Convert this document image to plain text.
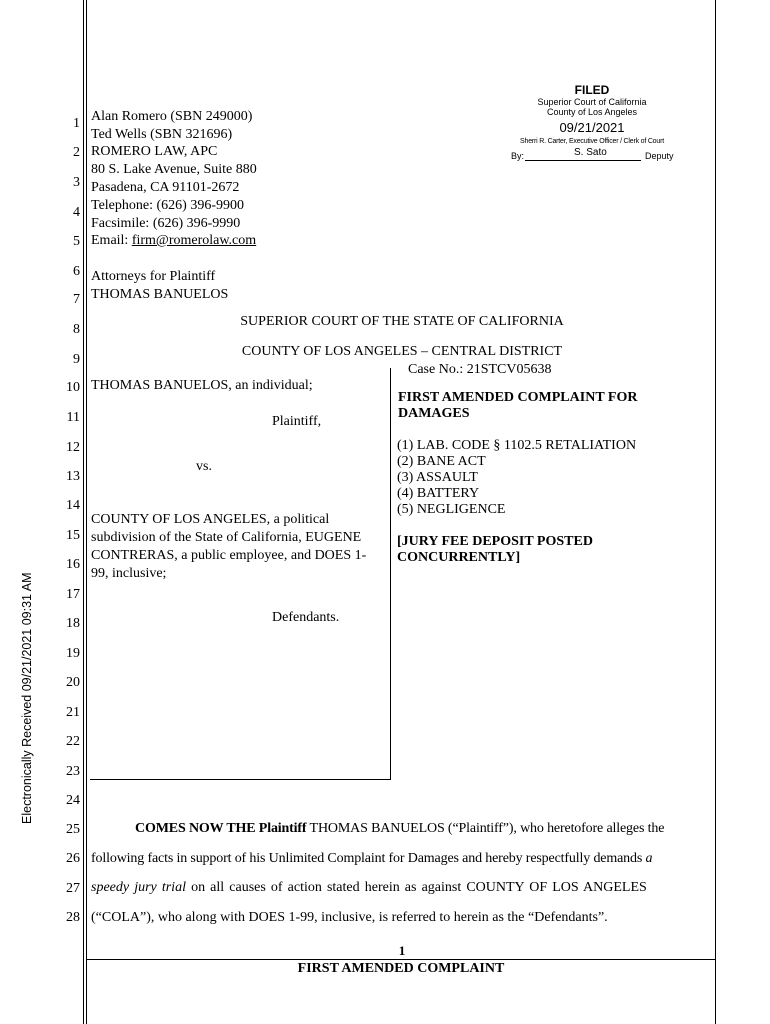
Electronically Received 09/21/2021 09:31 AM
FILED
Superior Court of California
County of Los Angeles
09/21/2021
Sherri R. Carter, Executive Officer / Clerk of Court
By:	S. Sato	Deputy
1
2
3
4
5
6
7
8
9
10
11
12
13
14
15
16
17
18
19
20
21
22
23
24
25
26
27
28
Alan Romero (SBN 249000)
Ted Wells (SBN 321696)
ROMERO LAW, APC
80 S. Lake Avenue, Suite 880
Pasadena, CA 91101-2672
Telephone: (626) 396-9900
Facsimile: (626) 396-9990
Email: firm@romerolaw.com
Attorneys for Plaintiff
THOMAS BANUELOS
SUPERIOR COURT OF THE STATE OF CALIFORNIA
COUNTY OF LOS ANGELES – CENTRAL DISTRICT
THOMAS BANUELOS, an individual;
Plaintiff,
vs.
COUNTY OF LOS ANGELES, a political
subdivision of the State of California, EUGENE
CONTRERAS, a public employee, and DOES 1-
99, inclusive;
Defendants.
Case No.: 21STCV05638
FIRST AMENDED COMPLAINT FOR
DAMAGES
(1) LAB. CODE § 1102.5 RETALIATION
(2) BANE ACT
(3) ASSAULT
(4) BATTERY
(5) NEGLIGENCE
[JURY FEE DEPOSIT POSTED
CONCURRENTLY]
COMES NOW THE Plaintiff THOMAS BANUELOS (“Plaintiff”), who heretofore alleges the
following facts in support of his Unlimited Complaint for Damages and hereby respectfully demands a
speedy jury trial on all causes of action stated herein as against COUNTY OF LOS ANGELES
(“COLA”), who along with DOES 1-99, inclusive, is referred to herein as the “Defendants”.
1
FIRST AMENDED COMPLAINT
